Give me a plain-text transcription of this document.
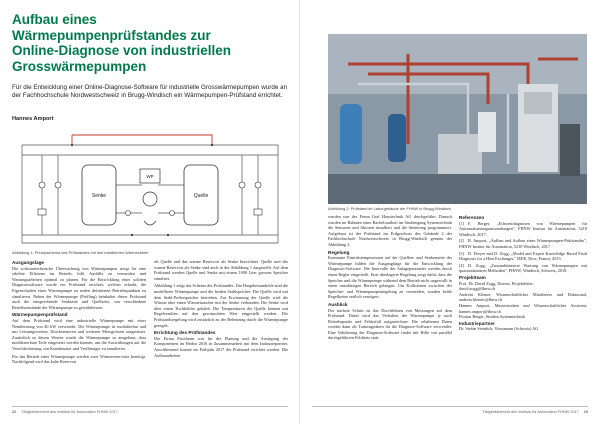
Aufbau eines Wärmepumpenprüfstandes zur Online-Diagnose von industriellen Grosswärmepumpen

Für die Entwicklung einer Online-Diagnose-Software für industrielle Grosswärmepumpen wurde an der Fachhochschule Nordwestschweiz in Brugg-Windisch ein Wärmepumpen-Prüfstand errichtet.

Hannes Amport
Senke	Quelle
WP
Abbildung 1: Prinzipschema des Prüfstandes mit drei installierten Wärmezähler
Ausgangslage

Die softwaretechnische Überwachung von Wärmepumpen steigt für eine erhöhte Effizienz im Betrieb, hilft Ausfälle zu vermeiden und Wartungsarbeiten optimal zu planen. Für die Entwicklung einer solchen Diagnosesoftware wurde ein Prüfstand errichtet, welcher erlaubt, die Eigenschaften einer Wärmepumpe zu realen definierten Betriebspunkten zu simulieren. Neben der Wärmepumpe (Prüfling) beinhaltet dieser Prüfstand auch die entsprechende Senkseite und Quellseite, um verschiedene Betriebszustände der Wärmepumpe zu gewährleisten.

Wärmepumpenprüfstand

Auf dem Prüfstand wird eine industrielle Wärmepumpe mit einer Nennleistung von 40 kW verwendet. Die Wärmepumpe ist modulierbar und mit Leistungswerten, Drucksensoren und weiteren Messgrössen ausgerüstet. Zusätzlich zu diesen Werten wurde die Wärmepumpe so ausgebaut, dass modifizierbare Teile eingesetzt werden können, um die Auswirkungen auf die Verschlechterung von Kondensator und Verflüssiger zu simulieren.

Für das Betrieb einer Wärmepumpe werden zwei Wärmereservoire benötigt. Nachfolgend wird das kalte Reservoir

als Quelle und das warme Reservoir als Senke bezeichnet. Quelle und das warme Reservoir als Senke sind auch in der Abbildung 1 dargestellt. Auf dem Prüfstand werden Quelle und Senke mit einem 1000 Liter grossen Speicher simuliert.

Abbildung 1 zeigt das Schema des Prüfstandes. Die Hauptbestandteile sind die modellierte Wärmepumpe und die beiden Stahlspeicher. Die Quelle wird mit dem Stahl-Pufferspeicher betrieben. Zur Erwärmung der Quelle wird die Wärme über einen Wärmetauscher mit der Senke verbunden. Die Senke wird über einen Tischkühler gekühlt. Die Temperaturen der Quelle können mit Regelventilen auf den gewünschten Wert eingestellt werden. Die Prüfstandsregelung wird zusätzlich zu der Beheizung durch die Wärmepumpe geregelt.

Errichtung des Prüfstandes

Die Firma Friotherm war für die Planung und die Auslegung der Komponenten im Herbst 2016 in Zusammenarbeit mit dem Industriepartner. Anschliessend konnte im Frühjahr 2017 der Prüfstand errichtet werden. Die Aufbauarbeiten

22 Tätigkeitsbericht des Instituts für Automation FHNW 2017
Abbildung 2: Prüfstand im Laborgebäude der FHNW in Brugg-Windisch

wurden von der Firma Graf Haustechnik AG durchgeführt. Danach wurden im Rahmen einer Bachelorarbeit im Studiengang Systemtechnik die Sensoren und Aktoren installiert und die Steuerung programmiert. Aufgebaut ist der Prüfstand im Erdgeschoss des Gebäude 2 der Fachhochschule Nordwestschweiz in Brugg-Windisch gemäss der Abbildung 2.

Regelung

Konstante Eintrittstemperaturen auf der Quellen- und Senkenseite der Wärmepumpe bilden die Ausgangslage für die Entwicklung der Diagnose-Software. Die Intervalle der Anlageparameter werden durch einen Regler eingestellt. Eine überlagerte Regelung sorgt dafür, dass die Speicher und die Wärmepumpe während dem Betrieb nicht ungewollt in einen unzulässigen Bereich gelangen. Um Kollisionen zwischen der Speicher- und Wärmepumpenregelung zu vermeiden, wurden beide Regelkreise zeitlich verzögert.

Ausblick

Der nächste Schritt ist das Durchführen von Messungen auf dem Prüfstand. Dabei wird das Verhalten der Wärmepumpe je nach Betriebspunkt und Fehlerfall aufgezeichnet. Die erhaltenen Daten werden dann als Trainingsdaten für die Diagnose-Software verwendet. Eine Validierung der Diagnose-Software findet mit Hilfe von parallel durchgeführten Feldtests statt.

Referenzen
[1] F. Berger, „Echtzeitdiagnosen von Wärmepumpen für Automatisierungsanwendungen", FHNW Institut für Automation, 5210 Windisch, 2017.
[2] B. Amport, „Aufbau und Aufbau eines Wärmepumpen-Prüfstandes", FHNW Institut für Automation, 5210 Windisch, 2017.
[3] D. Dreyer and D. Zogg, „Model and Expert Knowledge Based Fault Diagnosis for a Heat Exchanger," IEEE, Nice, France, 2013.
[4] D. Zogg, „Zustandsbasierte Wartung von Wärmepumpen mit quasistationären Methoden", FHNW, Windisch, Schweiz, 2018.
Projektteam
Prof. Dr. David Zogg, Dozent, Projektleiter,
david.zogg@fhnw.ch
Andreas Kleiner, Wissenschaftlicher Mitarbeiter und Doktorand, andreas.kleiner@fhnw.ch
Hannes Amport, Masterstudent und Wissenschaftlicher Assistent, hannes.amport@fhnw.ch
Florian Berger, Student Systemtechnik
Industriepartner
Dr. Stefan Steinlich, Viessmann (Schweiz) AG
Tätigkeitsbericht des Instituts für Automation FHNW 2017 23
